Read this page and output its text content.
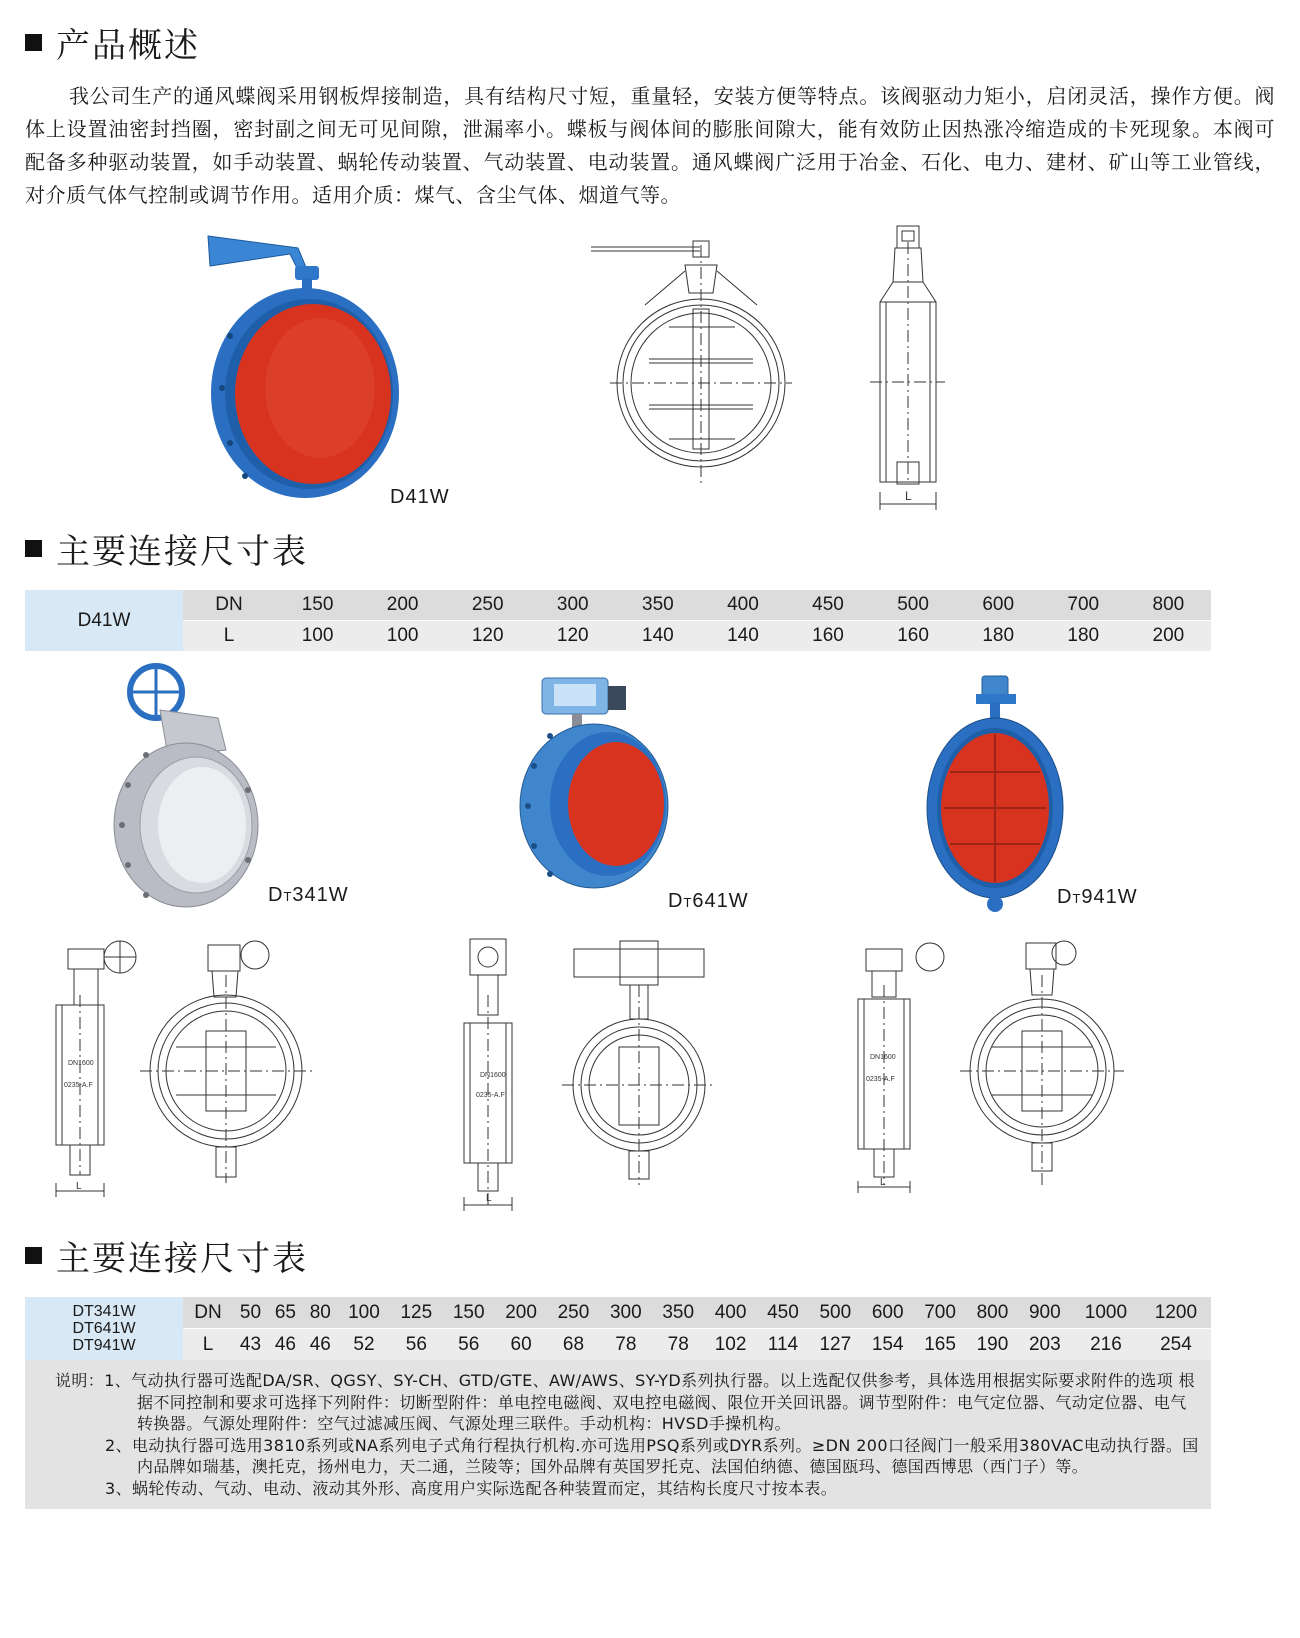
产品概述

我公司生产的通风蝶阀采用钢板焊接制造，具有结构尺寸短，重量轻，安装方便等特点。该阀驱动力矩小，启闭灵活，操作方便。阀体上设置油密封挡圈，密封副之间无可见间隙，泄漏率小。蝶板与阀体间的膨胀间隙大，能有效防止因热涨冷缩造成的卡死现象。本阀可配备多种驱动装置，如手动装置、蜗轮传动装置、气动装置、电动装置。通风蝶阀广泛用于冶金、石化、电力、建材、矿山等工业管线，对介质气体气控制或调节作用。适用介质：煤气、含尘气体、烟道气等。

D41W	L
主要连接尺寸表
D41W	DN	150	200	250	300	350	400	450	500	600	700	800
	L	100	100	120	120	140	140	160	160	180	180	200
DT341W	DT641W	DT941W
DN1600
0235-A.F
L
DN1600
0235-A.F
L
DN1600
0235-A.F
L
主要连接尺寸表
DT341W
DT641W
DT941W	DN	50	65	80	100	125	150	200	250	300	350	400	450	500	600	700	800	900	1000	1200
	L	43	46	46	52	56	56	60	68	78	78	102	114	127	154	165	190	203	216	254

说明：1、气动执行器可选配DA/SR、QGSY、SY-CH、GTD/GTE、AW/AWS、SY-YD系列执行器。以上选配仅供参考，具体选用根据实际要求附件的选项 根据不同控制和要求可选择下列附件：切断型附件：单电控电磁阀、双电控电磁阀、限位开关回讯器。调节型附件：电气定位器、气动定位器、电气转换器。气源处理附件：空气过滤减压阀、气源处理三联件。手动机构：HVSD手操机构。

2、电动执行器可选用3810系列或NA系列电子式角行程执行机构.亦可选用PSQ系列或DYR系列。≥DN 200口径阀门一般采用380VAC电动执行器。国内品牌如瑞基，澳托克，扬州电力，天二通，兰陵等；国外品牌有英国罗托克、法国伯纳德、德国瓯玛、德国西博思（西门子）等。

3、蜗轮传动、气动、电动、液动其外形、高度用户实际选配各种装置而定，其结构长度尺寸按本表。
